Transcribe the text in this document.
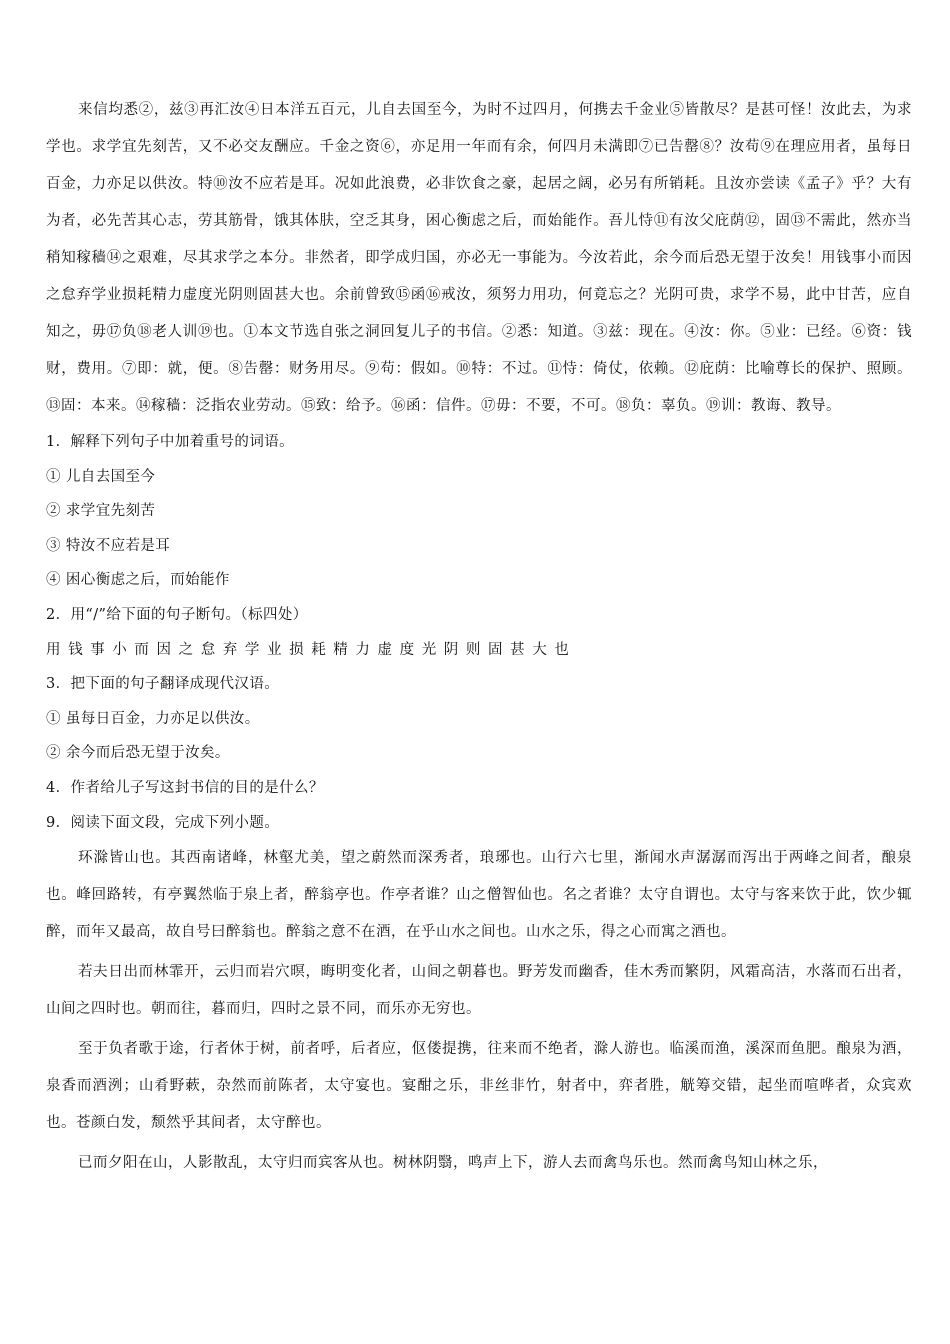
来信均悉②，兹③再汇汝④日本洋五百元，儿自去国至今，为时不过四月，何携去千金业⑤皆散尽？是甚可怪！汝此去，为求学也。求学宜先刻苦，又不必交友酬应。千金之资⑥，亦足用一年而有余，何四月未满即⑦已告罄⑧？汝苟⑨在理应用者，虽每日百金，力亦足以供汝。特⑩汝不应若是耳。况如此浪费，必非饮食之豪，起居之阔，必另有所销耗。且汝亦尝读《孟子》乎？大有为者，必先苦其心志，劳其筋骨，饿其体肤，空乏其身，困心衡虑之后，而始能作。吾儿恃⑪有汝父庇荫⑫，固⑬不需此，然亦当稍知稼穑⑭之艰难，尽其求学之本分。非然者，即学成归国，亦必无一事能为。今汝若此，余今而后恐无望于汝矣！用钱事小而因之怠弃学业损耗精力虚度光阴则固甚大也。余前曾致⑮函⑯戒汝，须努力用功，何竟忘之？光阴可贵，求学不易，此中甘苦，应自知之，毋⑰负⑱老人训⑲也。①本文节选自张之洞回复儿子的书信。②悉：知道。③兹：现在。④汝：你。⑤业：已经。⑥资：钱财，费用。⑦即：就，便。⑧告罄：财务用尽。⑨苟：假如。⑩特：不过。⑪恃：倚仗，依赖。⑫庇荫：比喻尊长的保护、照顾。⑬固：本来。⑭稼穑：泛指农业劳动。⑮致：给予。⑯函：信件。⑰毋：不要，不可。⑱负：辜负。⑲训：教诲、教导。

1．解释下列句子中加着重号的词语。

① 儿自去国至今

② 求学宜先刻苦

③ 特汝不应若是耳

④ 困心衡虑之后，而始能作

2．用“/”给下面的句子断句。（标四处）

用钱事小而因之怠弃学业损耗精力虚度光阴则固甚大也

3．把下面的句子翻译成现代汉语。

① 虽每日百金，力亦足以供汝。

② 余今而后恐无望于汝矣。

4．作者给儿子写这封书信的目的是什么？

9．阅读下面文段，完成下列小题。

环滁皆山也。其西南诸峰，林壑尤美，望之蔚然而深秀者，琅琊也。山行六七里，渐闻水声潺潺而泻出于两峰之间者，酿泉也。峰回路转，有亭翼然临于泉上者，醉翁亭也。作亭者谁？山之僧智仙也。名之者谁？太守自谓也。太守与客来饮于此，饮少辄醉，而年又最高，故自号曰醉翁也。醉翁之意不在酒，在乎山水之间也。山水之乐，得之心而寓之酒也。

若夫日出而林霏开，云归而岩穴暝，晦明变化者，山间之朝暮也。野芳发而幽香，佳木秀而繁阴，风霜高洁，水落而石出者，山间之四时也。朝而往，暮而归，四时之景不同，而乐亦无穷也。

至于负者歌于途，行者休于树，前者呼，后者应，伛偻提携，往来而不绝者，滁人游也。临溪而渔，溪深而鱼肥。酿泉为酒，泉香而酒洌；山肴野蔌，杂然而前陈者，太守宴也。宴酣之乐，非丝非竹，射者中，弈者胜，觥筹交错，起坐而喧哗者，众宾欢也。苍颜白发，颓然乎其间者，太守醉也。

已而夕阳在山，人影散乱，太守归而宾客从也。树林阴翳，鸣声上下，游人去而禽鸟乐也。然而禽鸟知山林之乐，
